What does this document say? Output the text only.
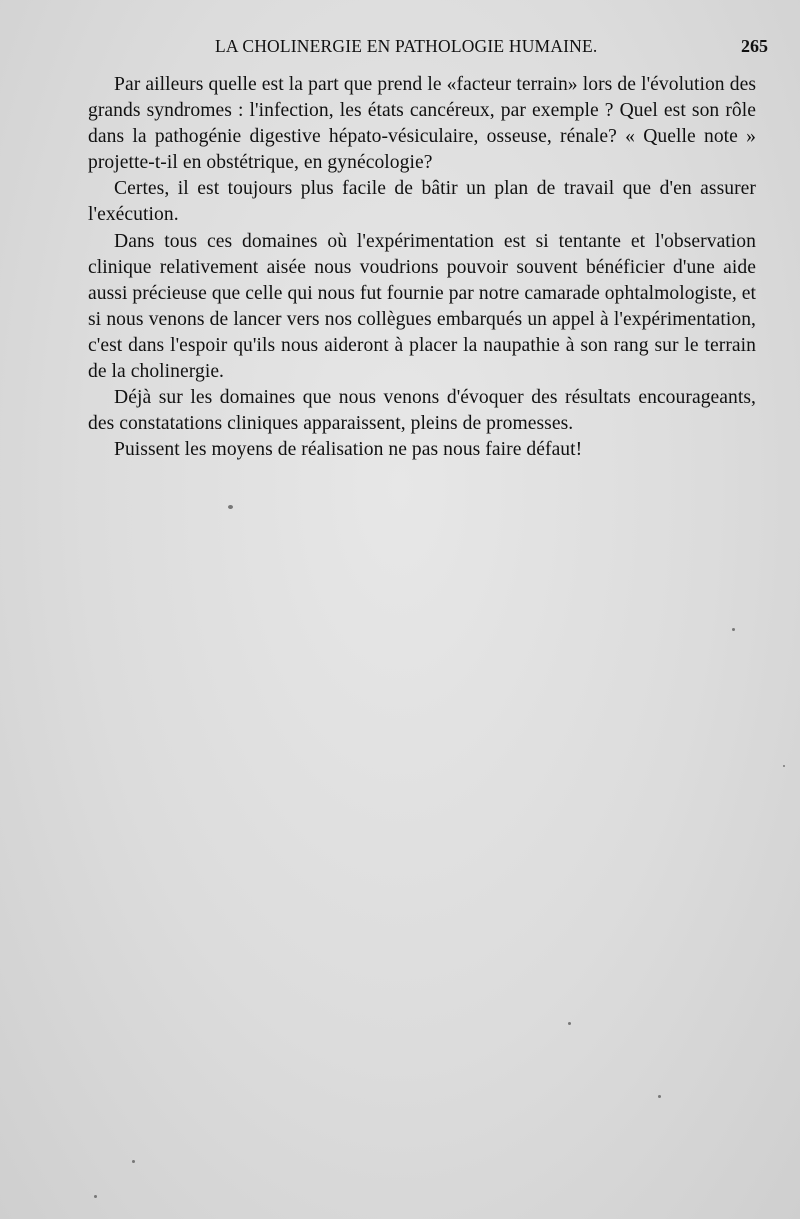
LA CHOLINERGIE EN PATHOLOGIE HUMAINE.	265

Par ailleurs quelle est la part que prend le «facteur terrain» lors de l'évolution des grands syndromes : l'infection, les états cancéreux, par exemple ? Quel est son rôle dans la pathogénie digestive hépato-vésiculaire, osseuse, rénale? « Quelle note » projette-t-il en obstétrique, en gynécologie?

Certes, il est toujours plus facile de bâtir un plan de travail que d'en assurer l'exécution.

Dans tous ces domaines où l'expérimentation est si tentante et l'observation clinique relativement aisée nous voudrions pouvoir souvent bénéficier d'une aide aussi précieuse que celle qui nous fut fournie par notre camarade ophtalmologiste, et si nous venons de lancer vers nos collègues embarqués un appel à l'expérimentation, c'est dans l'espoir qu'ils nous aideront à placer la naupathie à son rang sur le terrain de la cholinergie.

Déjà sur les domaines que nous venons d'évoquer des résultats encourageants, des constatations cliniques apparaissent, pleins de promesses.

Puissent les moyens de réalisation ne pas nous faire défaut!
